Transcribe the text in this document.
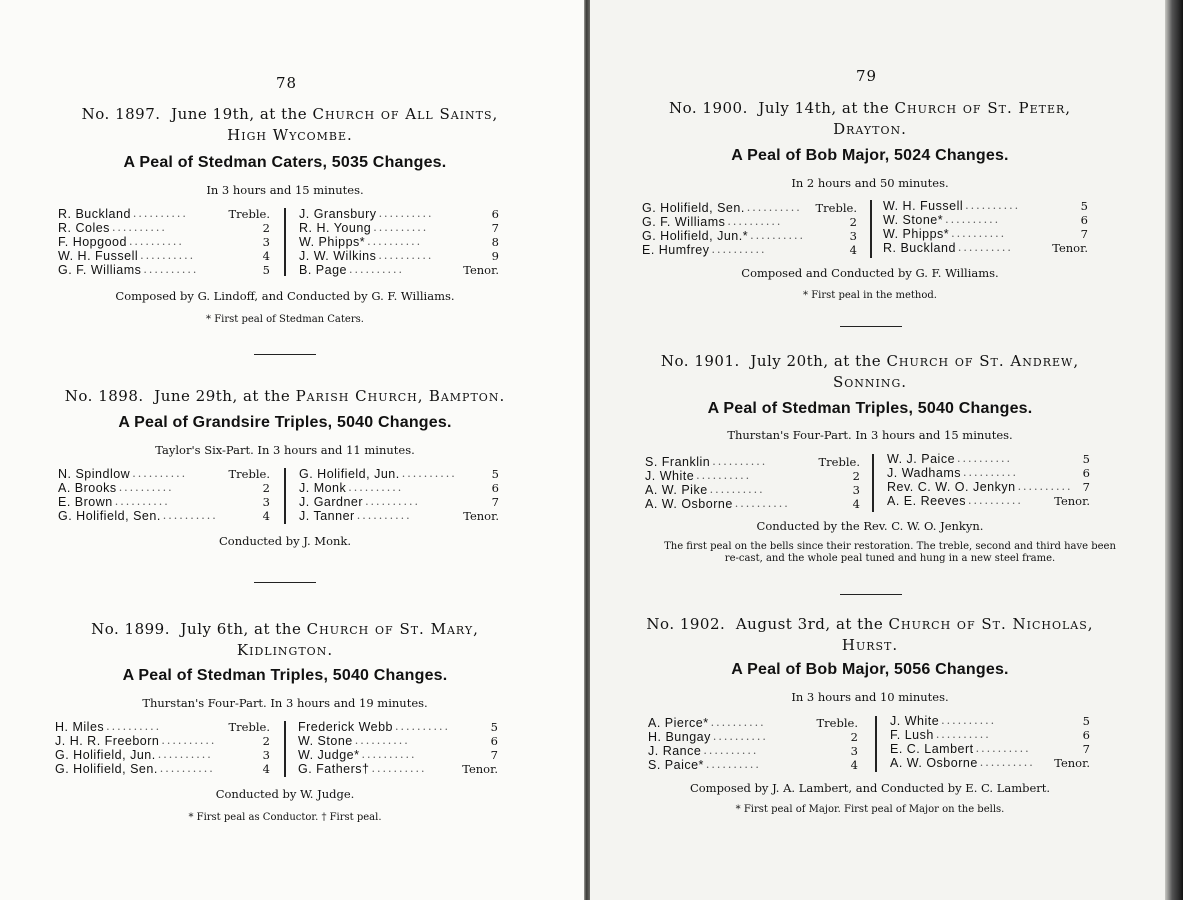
78
No. 1897. June 19th, at the Church of All Saints,
High Wycombe.
A Peal of Stedman Caters, 5035 Changes.
In 3 hours and 15 minutes.
R. Buckland ..........	Treble.
R. Coles ..........	2
F. Hopgood ..........	3
W. H. Fussell ..........	4
G. F. Williams ..........	5
J. Gransbury ..........	6
R. H. Young ..........	7
W. Phipps* ..........	8
J. W. Wilkins ..........	9
B. Page ..........	Tenor.
Composed by G. Lindoff, and Conducted by G. F. Williams.
* First peal of Stedman Caters.
No. 1898. June 29th, at the Parish Church, Bampton.
A Peal of Grandsire Triples, 5040 Changes.
Taylor's Six-Part. In 3 hours and 11 minutes.
N. Spindlow ..........	Treble.
A. Brooks ..........	2
E. Brown ..........	3
G. Holifield, Sen. ..........	4
G. Holifield, Jun. ..........	5
J. Monk ..........	6
J. Gardner ..........	7
J. Tanner ..........	Tenor.
Conducted by J. Monk.
No. 1899. July 6th, at the Church of St. Mary,
Kidlington.
A Peal of Stedman Triples, 5040 Changes.
Thurstan's Four-Part. In 3 hours and 19 minutes.
H. Miles ..........	Treble.
J. H. R. Freeborn ..........	2
G. Holifield, Jun. ..........	3
G. Holifield, Sen. ..........	4
Frederick Webb ..........	5
W. Stone ..........	6
W. Judge* ..........	7
G. Fathers† ..........	Tenor.
Conducted by W. Judge.
* First peal as Conductor. † First peal.
79
No. 1900. July 14th, at the Church of St. Peter,
Drayton.
A Peal of Bob Major, 5024 Changes.
In 2 hours and 50 minutes.
G. Holifield, Sen. ..........	Treble.
G. F. Williams ..........	2
G. Holifield, Jun.* ..........	3
E. Humfrey ..........	4
W. H. Fussell ..........	5
W. Stone* ..........	6
W. Phipps* ..........	7
R. Buckland ..........	Tenor.
Composed and Conducted by G. F. Williams.
* First peal in the method.
No. 1901. July 20th, at the Church of St. Andrew,
Sonning.
A Peal of Stedman Triples, 5040 Changes.
Thurstan's Four-Part. In 3 hours and 15 minutes.
S. Franklin ..........	Treble.
J. White ..........	2
A. W. Pike ..........	3
A. W. Osborne ..........	4
W. J. Paice ..........	5
J. Wadhams ..........	6
Rev. C. W. O. Jenkyn .......... 7
A. E. Reeves ..........	Tenor.
Conducted by the Rev. C. W. O. Jenkyn.
The first peal on the bells since their restoration. The treble, second and third have been re-cast, and the whole peal tuned and hung in a new steel frame.
No. 1902. August 3rd, at the Church of St. Nicholas,
Hurst.
A Peal of Bob Major, 5056 Changes.
In 3 hours and 10 minutes.
A. Pierce* ..........	Treble.
H. Bungay ..........	2
J. Rance ..........	3
S. Paice* ..........	4
J. White ..........	5
F. Lush ..........	6
E. C. Lambert ..........	7
A. W. Osborne ..........	Tenor.
Composed by J. A. Lambert, and Conducted by E. C. Lambert.
* First peal of Major. First peal of Major on the bells.
